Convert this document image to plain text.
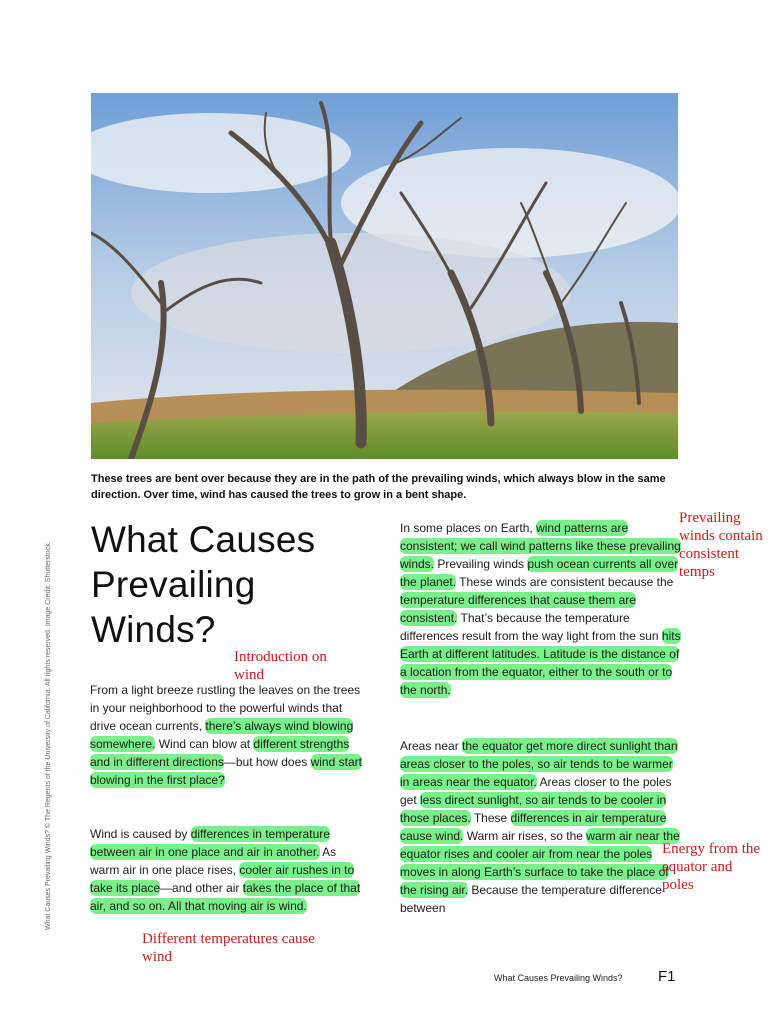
These trees are bent over because they are in the path of the prevailing winds, which always blow in the same direction. Over time, wind has caused the trees to grow in a bent shape.
What Causes Prevailing Winds?
Introduction on wind

From a light breeze rustling the leaves on the trees in your neighborhood to the powerful winds that drive ocean currents, there’s always wind blowing somewhere. Wind can blow at different strengths and in different directions—but how does wind start blowing in the first place?

Wind is caused by differences in temperature between air in one place and air in another. As warm air in one place rises, cooler air rushes in to take its place—and other air takes the place of that air, and so on. All that moving air is wind.

Different temperatures cause wind

In some places on Earth, wind patterns are consistent; we call wind patterns like these prevailing winds. Prevailing winds push ocean currents all over the planet. These winds are consistent because the temperature differences that cause them are consistent. That’s because the temperature differences result from the way light from the sun hits Earth at different latitudes. Latitude is the distance of a location from the equator, either to the south or to the north.

Prevailing winds contain consistent temps

Areas near the equator get more direct sunlight than areas closer to the poles, so air tends to be warmer in areas near the equator. Areas closer to the poles get less direct sunlight, so air tends to be cooler in those places. These differences in air temperature cause wind. Warm air rises, so the warm air near the equator rises and cooler air from near the poles moves in along Earth’s surface to take the place of the rising air. Because the temperature difference between

Energy from the equator and poles
What Causes Prevailing Winds? © The Regents of the University of California. All rights reserved. Image Credit: Shutterstock.
What Causes Prevailing Winds? F1
